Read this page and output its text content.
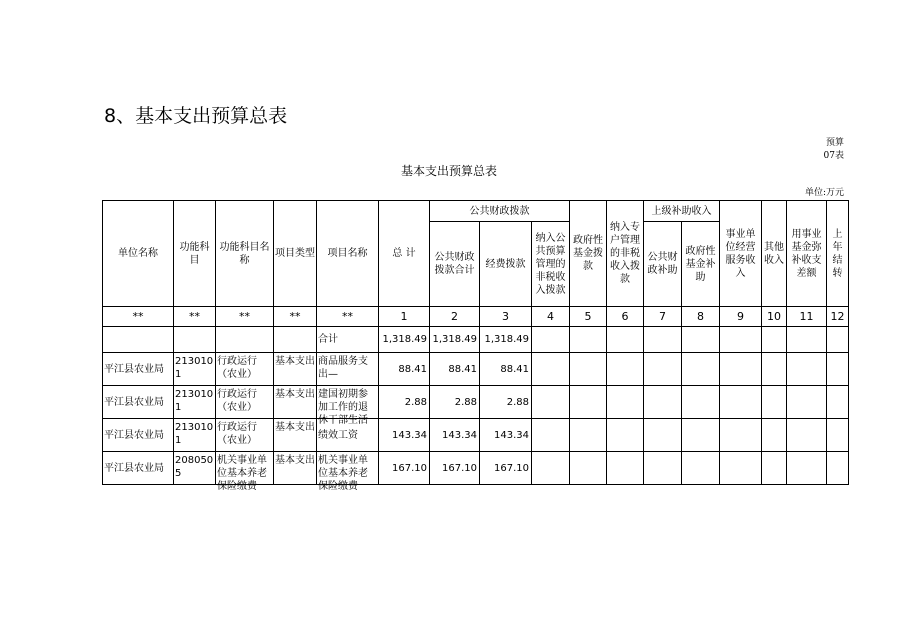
8、基本支出预算总表
预算
07表
基本支出预算总表
单位:万元
单位名称	功能科目	功能科目名称	项目类型	项目名称	总 计	公共财政拨款			政府性基金拨款	纳入专户管理的非税收入拨款	上级补助收入		事业单位经营服务收入	其他收入	用事业基金弥补收支差额	上年结转
						公共财政拨款合计	经费拨款	纳入公共预算管理的非税收入拨款			公共财政补助	政府性基金补助				
**	**	**	**	**	1	2	3	4	5	6	7	8	9	10	11	12
				合计	1,318.49	1,318.49	1,318.49									
平江县农业局	2130101	行政运行（农业）	基本支出	商品服务支出—	88.41	88.41	88.41									
平江县农业局	2130101	行政运行（农业）	基本支出	建国初期参加工作的退休干部生活	2.88	2.88	2.88									
平江县农业局	2130101	行政运行（农业）	基本支出	绩效工资	143.34	143.34	143.34									
平江县农业局	2080505	机关事业单位基本养老保险缴费	基本支出	机关事业单位基本养老保险缴费	167.10	167.10	167.10									
